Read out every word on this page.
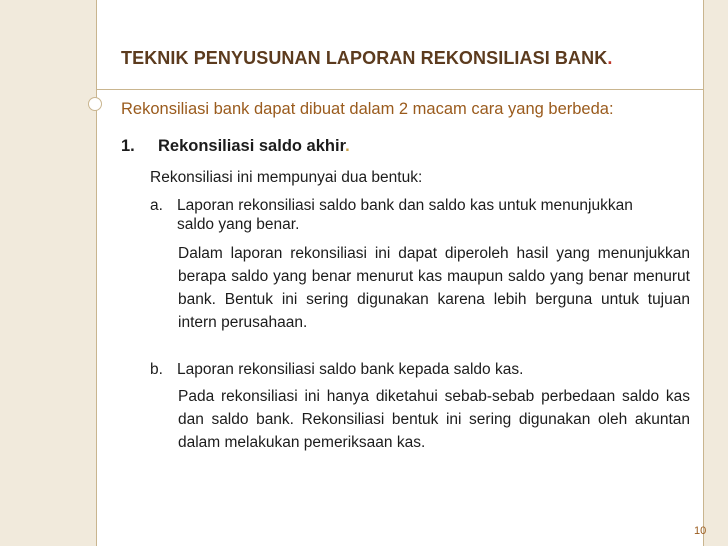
TEKNIK PENYUSUNAN LAPORAN REKONSILIASI BANK.
Rekonsiliasi bank dapat dibuat dalam 2 macam cara yang berbeda:
1. Rekonsiliasi saldo akhir.
Rekonsiliasi ini mempunyai dua bentuk:
a. Laporan rekonsiliasi saldo bank dan saldo kas untuk menunjukkan saldo yang benar.
Dalam laporan rekonsiliasi ini dapat diperoleh hasil yang menunjukkan berapa saldo yang benar menurut kas maupun saldo yang benar menurut bank. Bentuk ini sering digunakan karena lebih berguna untuk tujuan intern perusahaan.
b. Laporan rekonsiliasi saldo bank kepada saldo kas.
Pada rekonsiliasi ini hanya diketahui sebab-sebab perbedaan saldo kas dan saldo bank. Rekonsiliasi bentuk ini sering digunakan oleh akuntan dalam melakukan pemeriksaan kas.
10
